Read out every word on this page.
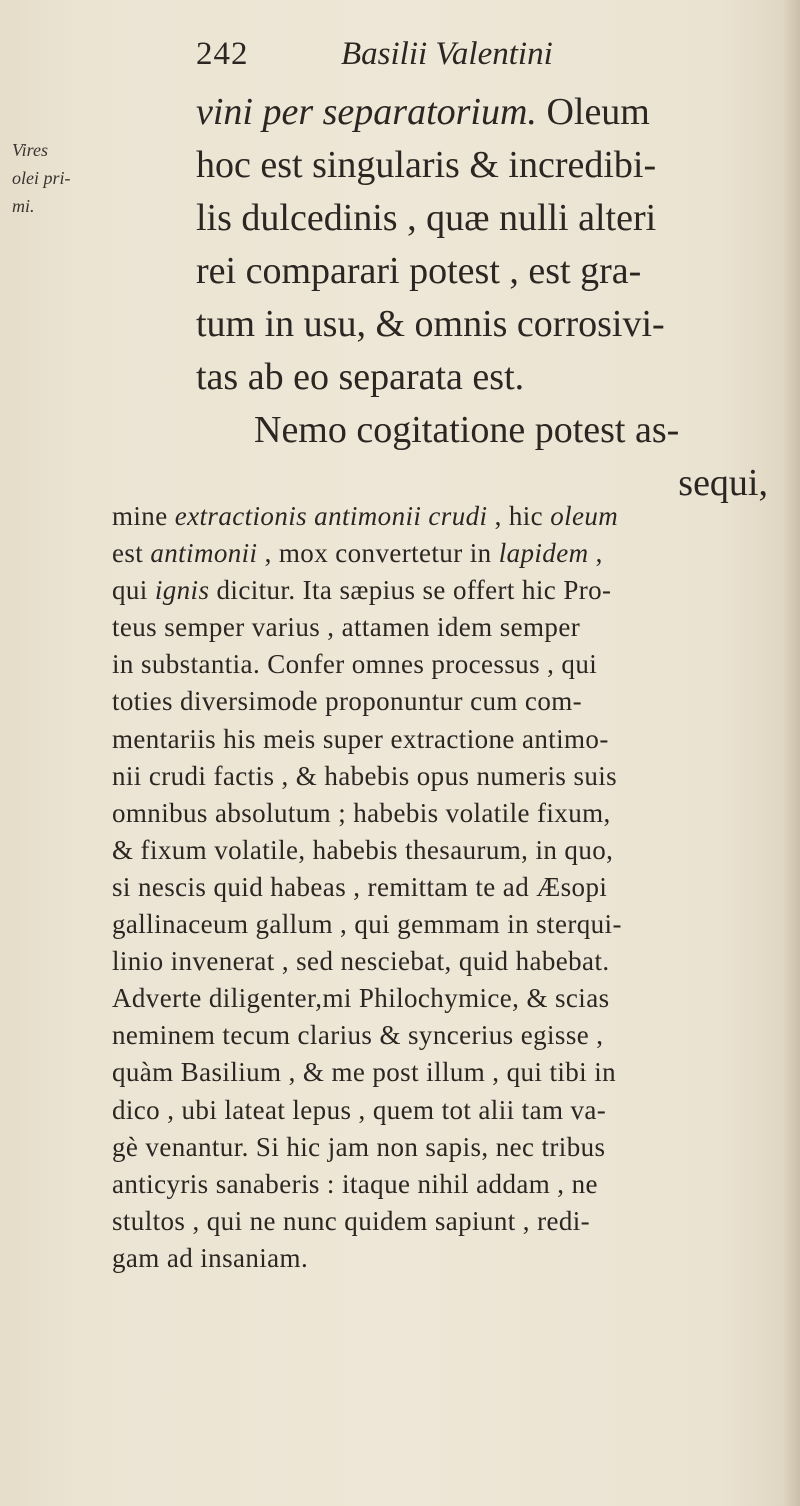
242	Basilii Valentini
Vires
olei pri-
mi.
vini per separatorium. Oleum
hoc est singularis & incredibi-
lis dulcedinis , quæ nulli alteri
rei comparari potest , est gra-
tum in usu, & omnis corrosivi-
tas ab eo separata est.
Nemo cogitatione potest as-
sequi,
mine extractionis antimonii crudi , hic oleum
est antimonii , mox convertetur in lapidem ,
qui ignis dicitur. Ita sæpius se offert hic Pro-
teus semper varius , attamen idem semper
in substantia. Confer omnes processus , qui
toties diversimode proponuntur cum com-
mentariis his meis super extractione antimo-
nii crudi factis , & habebis opus numeris suis
omnibus absolutum ; habebis volatile fixum,
& fixum volatile, habebis thesaurum, in quo,
si nescis quid habeas , remittam te ad Æsopi
gallinaceum gallum , qui gemmam in sterqui-
linio invenerat , sed nesciebat, quid habebat.
Adverte diligenter,mi Philochymice, & scias
neminem tecum clarius & syncerius egisse ,
quàm Basilium , & me post illum , qui tibi in
dico , ubi lateat lepus , quem tot alii tam va-
gè venantur. Si hic jam non sapis, nec tribus
anticyris sanaberis : itaque nihil addam , ne
stultos , qui ne nunc quidem sapiunt , redi-
gam ad insaniam.
